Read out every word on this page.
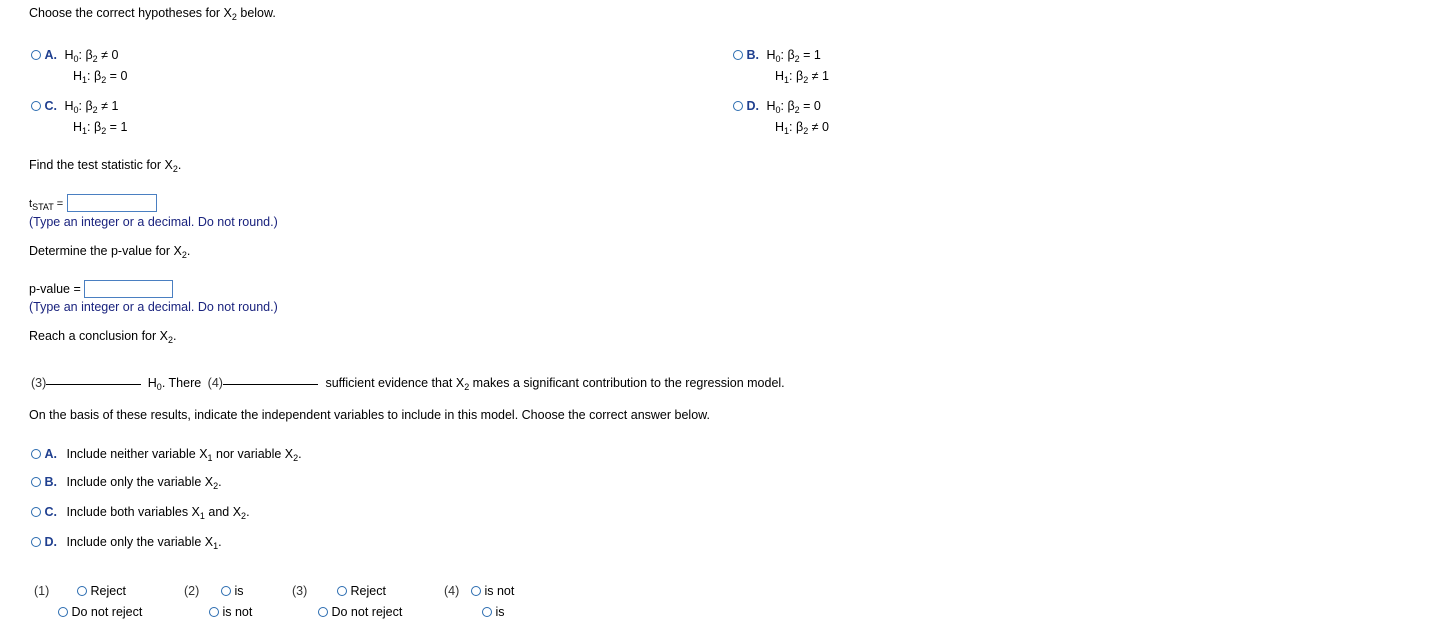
Choose the correct hypotheses for $X_2$ below.
A. $H_0$: $\beta_2 \ne 0$
$H_1$: $\beta_2 = 0$
B. $H_0$: $\beta_2 = 1$
$H_1$: $\beta_2 \ne 1$
C. $H_0$: $\beta_2 \ne 1$
$H_1$: $\beta_2 = 1$
D. $H_0$: $\beta_2 = 0$
$H_1$: $\beta_2 \ne 0$
Find the test statistic for $X_2$.
$t_{STAT}$ =
(Type an integer or a decimal. Do not round.)
Determine the p-value for $X_2$.
p-value =
(Type an integer or a decimal. Do not round.)
Reach a conclusion for $X_2$.
(3)	$H_0$. There (4)	sufficient evidence that $X_2$ makes a significant contribution to the regression model.
On the basis of these results, indicate the independent variables to include in this model. Choose the correct answer below.
A. Include neither variable $X_1$ nor variable $X_2$.
B. Include only the variable $X_2$.
C. Include both variables $X_1$ and $X_2$.
D. Include only the variable $X_1$.
(1)	Reject
Do not reject
(2)	is
is not
(3)	Reject
Do not reject
(4)	is not
is
